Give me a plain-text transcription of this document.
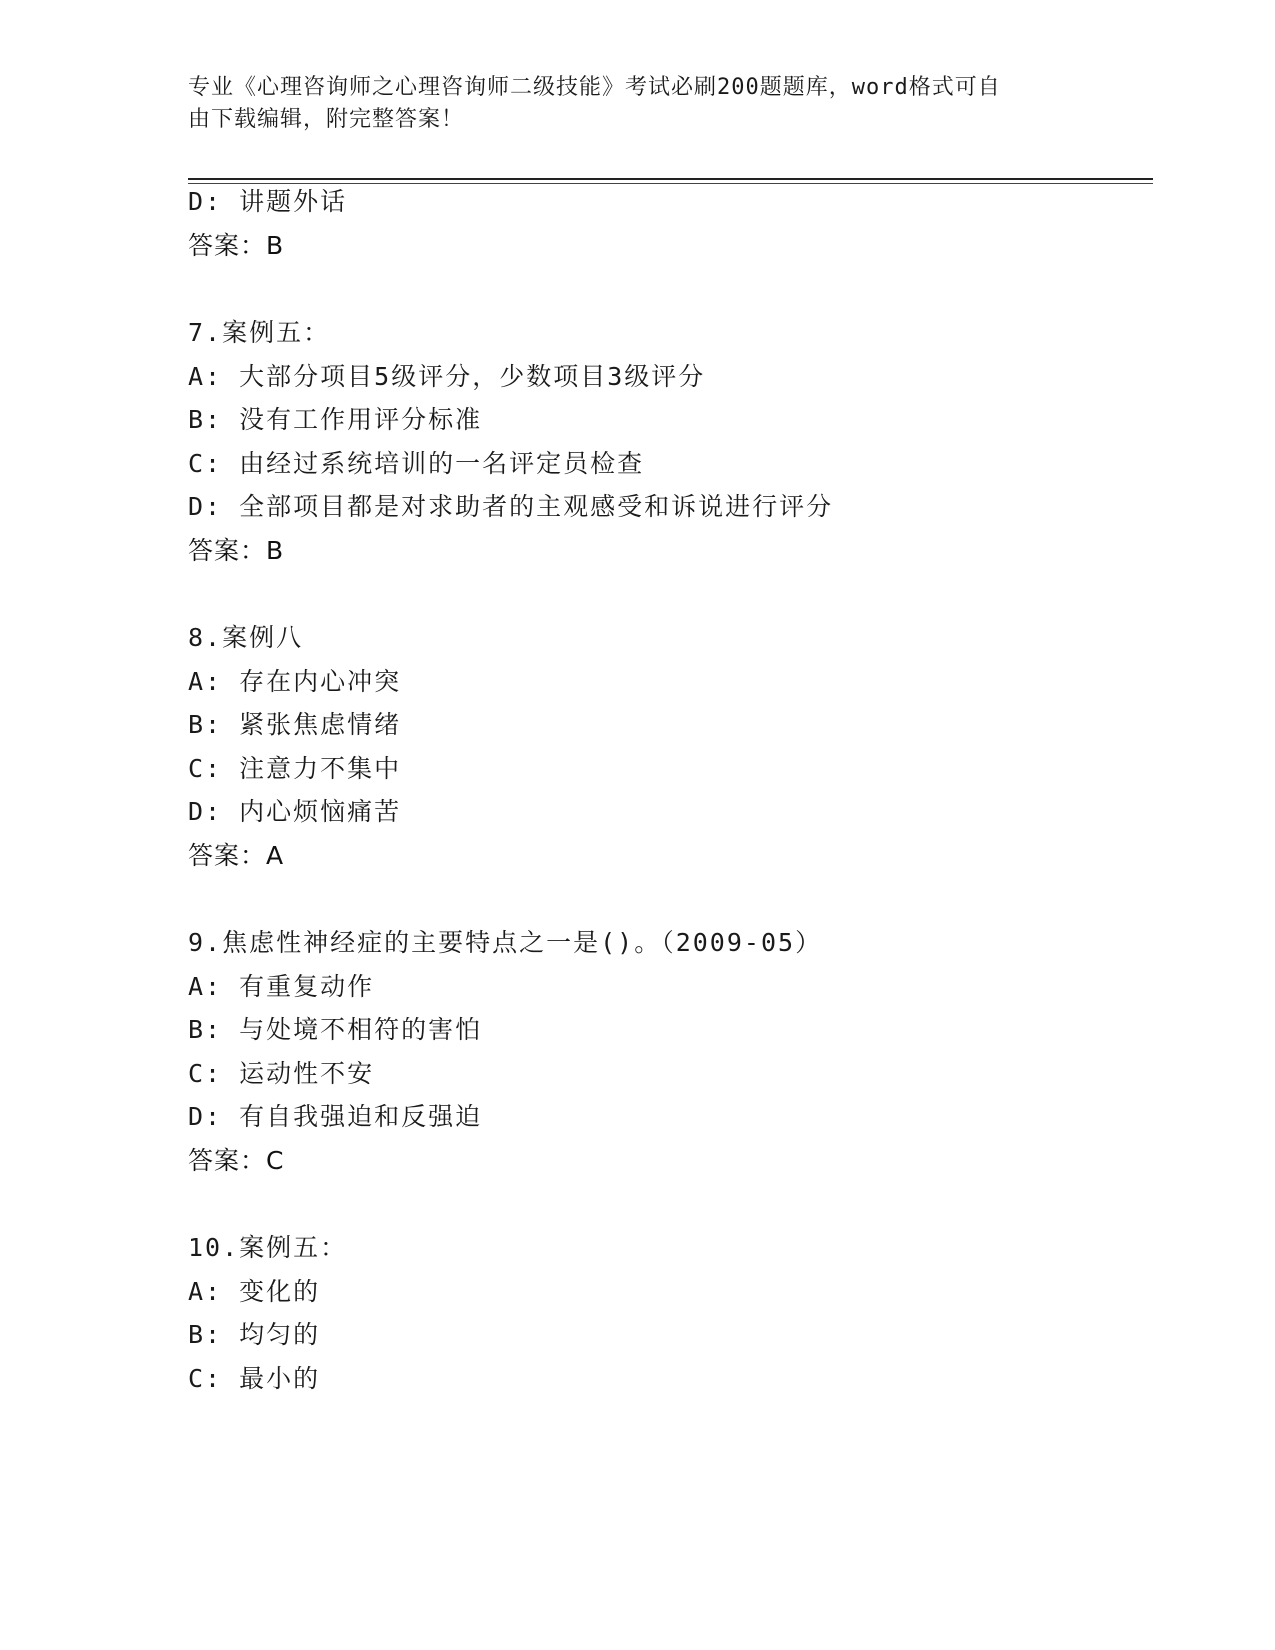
专业《心理咨询师之心理咨询师二级技能》考试必刷200题题库，word格式可自
由下载编辑，附完整答案！
D: 讲题外话
答案：B
7.案例五：
A: 大部分项目5级评分，少数项目3级评分
B: 没有工作用评分标准
C: 由经过系统培训的一名评定员检查
D: 全部项目都是对求助者的主观感受和诉说进行评分
答案：B
8.案例八
A: 存在内心冲突
B: 紧张焦虑情绪
C: 注意力不集中
D: 内心烦恼痛苦
答案：A
9.焦虑性神经症的主要特点之一是()。（2009-05）
A: 有重复动作
B: 与处境不相符的害怕
C: 运动性不安
D: 有自我强迫和反强迫
答案：C
10.案例五：
A: 变化的
B: 均匀的
C: 最小的
